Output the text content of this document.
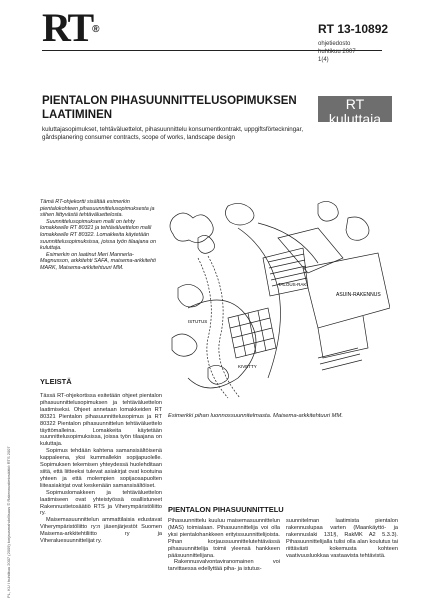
RT®	RT 13-10892
ohjetiedosto
huhtikuu 2007
1(4)
PIENTALON PIHASUUNNITTELUSOPIMUKSEN LAATIMINEN
RT kuluttaja
asiakirjamalli
kuluttajasopimukset, tehtäväluettelot, pihasuunnittelu konsumentkontrakt, uppgiftsförteckningar, gårdsplanering consumer contracts, scope of works, landscape design

Tämä RT-ohjekortti sisältää esimerkin pientalokohteen pihasuunnittelusopimuksesta ja siihen liittyvästä tehtäväluettelosta.

Suunnittelusopimuksen malli on tehty lomakkeelle RT 80321 ja tehtäväluettelon malli lomakkeelle RT 80322. Lomakkeita käytetään suunnittelusopimuksissa, joissa työn tilaajana on kuluttaja.

Esimerkin on laatinut Meri Mannerla-Magnusson, arkkitehti SAFA, maisema-arkkitehti MARK, Maisema-arkkitehtuuri MM.

ASUIN-RAKENNUS
TALOUS-RAK.
ISTUTUS
KIVETTY
Esimerkki pihan luonnossuunnitelmasta. Maisema-arkkitehtuuri MM.
YLEISTÄ

Tässä RT-ohjekortissa esitetään ohjeet pientalon pihasuunnittelusopimuksen ja tehtäväluettelon laatimiseksi. Ohjeet annetaan lomakkeiden RT 80321 Pientalon pihasuunnittelusopimus ja RT 80322 Pientalon pihasuunnittelun tehtäväluettelo täyttömalleina. Lomakkeita käytetään suunnittelusopimuksissa, joissa työn tilaajana on kuluttaja.

Sopimus tehdään kahtena samansisältöisenä kappaleena, yksi kummallekin sopijapuolelle. Sopimuksen tekemisen yhteydessä huolehditaan siitä, että liitteeksi tulevat asiakirjat ovat kootuina yhteen ja että molempien sopijaosapuolten liiteasiakirjat ovat keskenään samansisältöiset.

Sopimuslomakkeen ja tehtäväluettelon laatimiseen ovat yhteistyössä osallistuneet Rakennustietosäätiö RTS ja Viherympäristöliitto ry.

Maisemasuunnittelun ammattilaisia edustavat Viherympäristöliitto ry:n jäsenjärjestöt Suomen Maisema-arkkitehtiliitto ry ja Viheraluesuunnittelijat ry.

PIENTALON PIHASUUNNITTELU

Pihasuunnittelu kuuluu maisemasuunnittelun (MAS) toimialaan. Pihasuunnittelija voi olla yksi pientalohankkeen erityissuunnittelijoista. Pihan korjaussuunnittelutehtävässä pihasuunnittelija toimii yleensä hankkeen pääsuunnittelijana.

Rakennusvalvontaviranomainen voi tarvittaessa edellyttää piha- ja istutus-

suunnitelman laatimista pientalon rakennuslupaa varten (Maankäyttö- ja rakennuslaki 131§, RakMK A2 5.3.3). Pihasuunnittelijalla tulisi olla alan koulutus tai riittävästi kokemusta kohteen vaativuusluokkaa vastaavista tehtävistä.

PL, KU I huhtikuu 2007 (2009) korjausmahdollisuus © Rakennustietosäätiö RTS 2007
